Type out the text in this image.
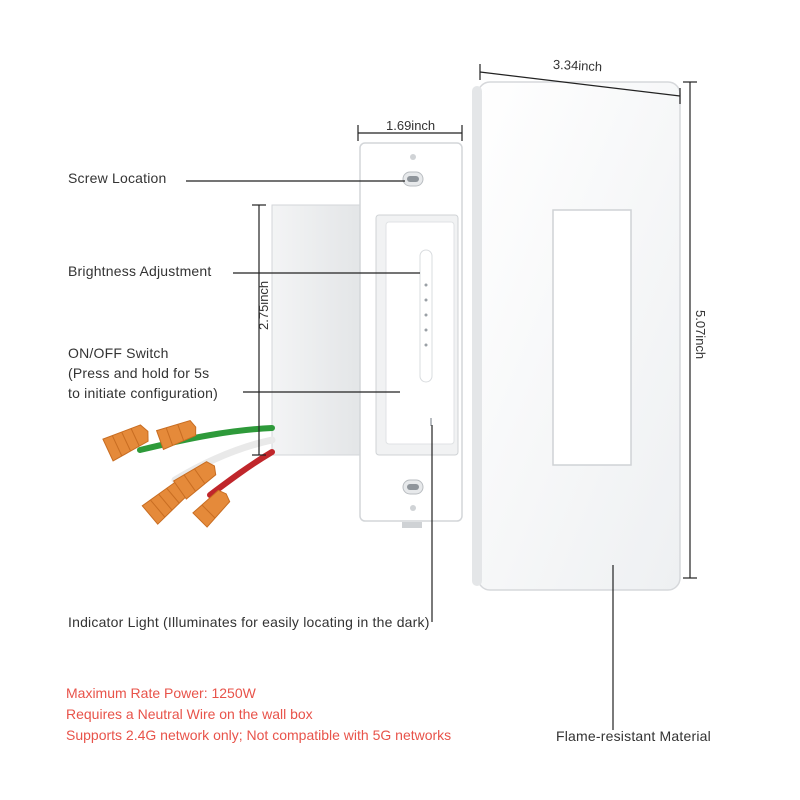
3.34inch
1.69inch
2.75inch
5.07inch
Screw Location
Brightness Adjustment
ON/OFF Switch
(Press and hold for 5s
to initiate configuration)
Indicator Light (Illuminates for easily locating in the dark)
Flame-resistant Material
Maximum Rate Power: 1250W
Requires a Neutral Wire on the wall box
Supports 2.4G network only; Not compatible with 5G networks
